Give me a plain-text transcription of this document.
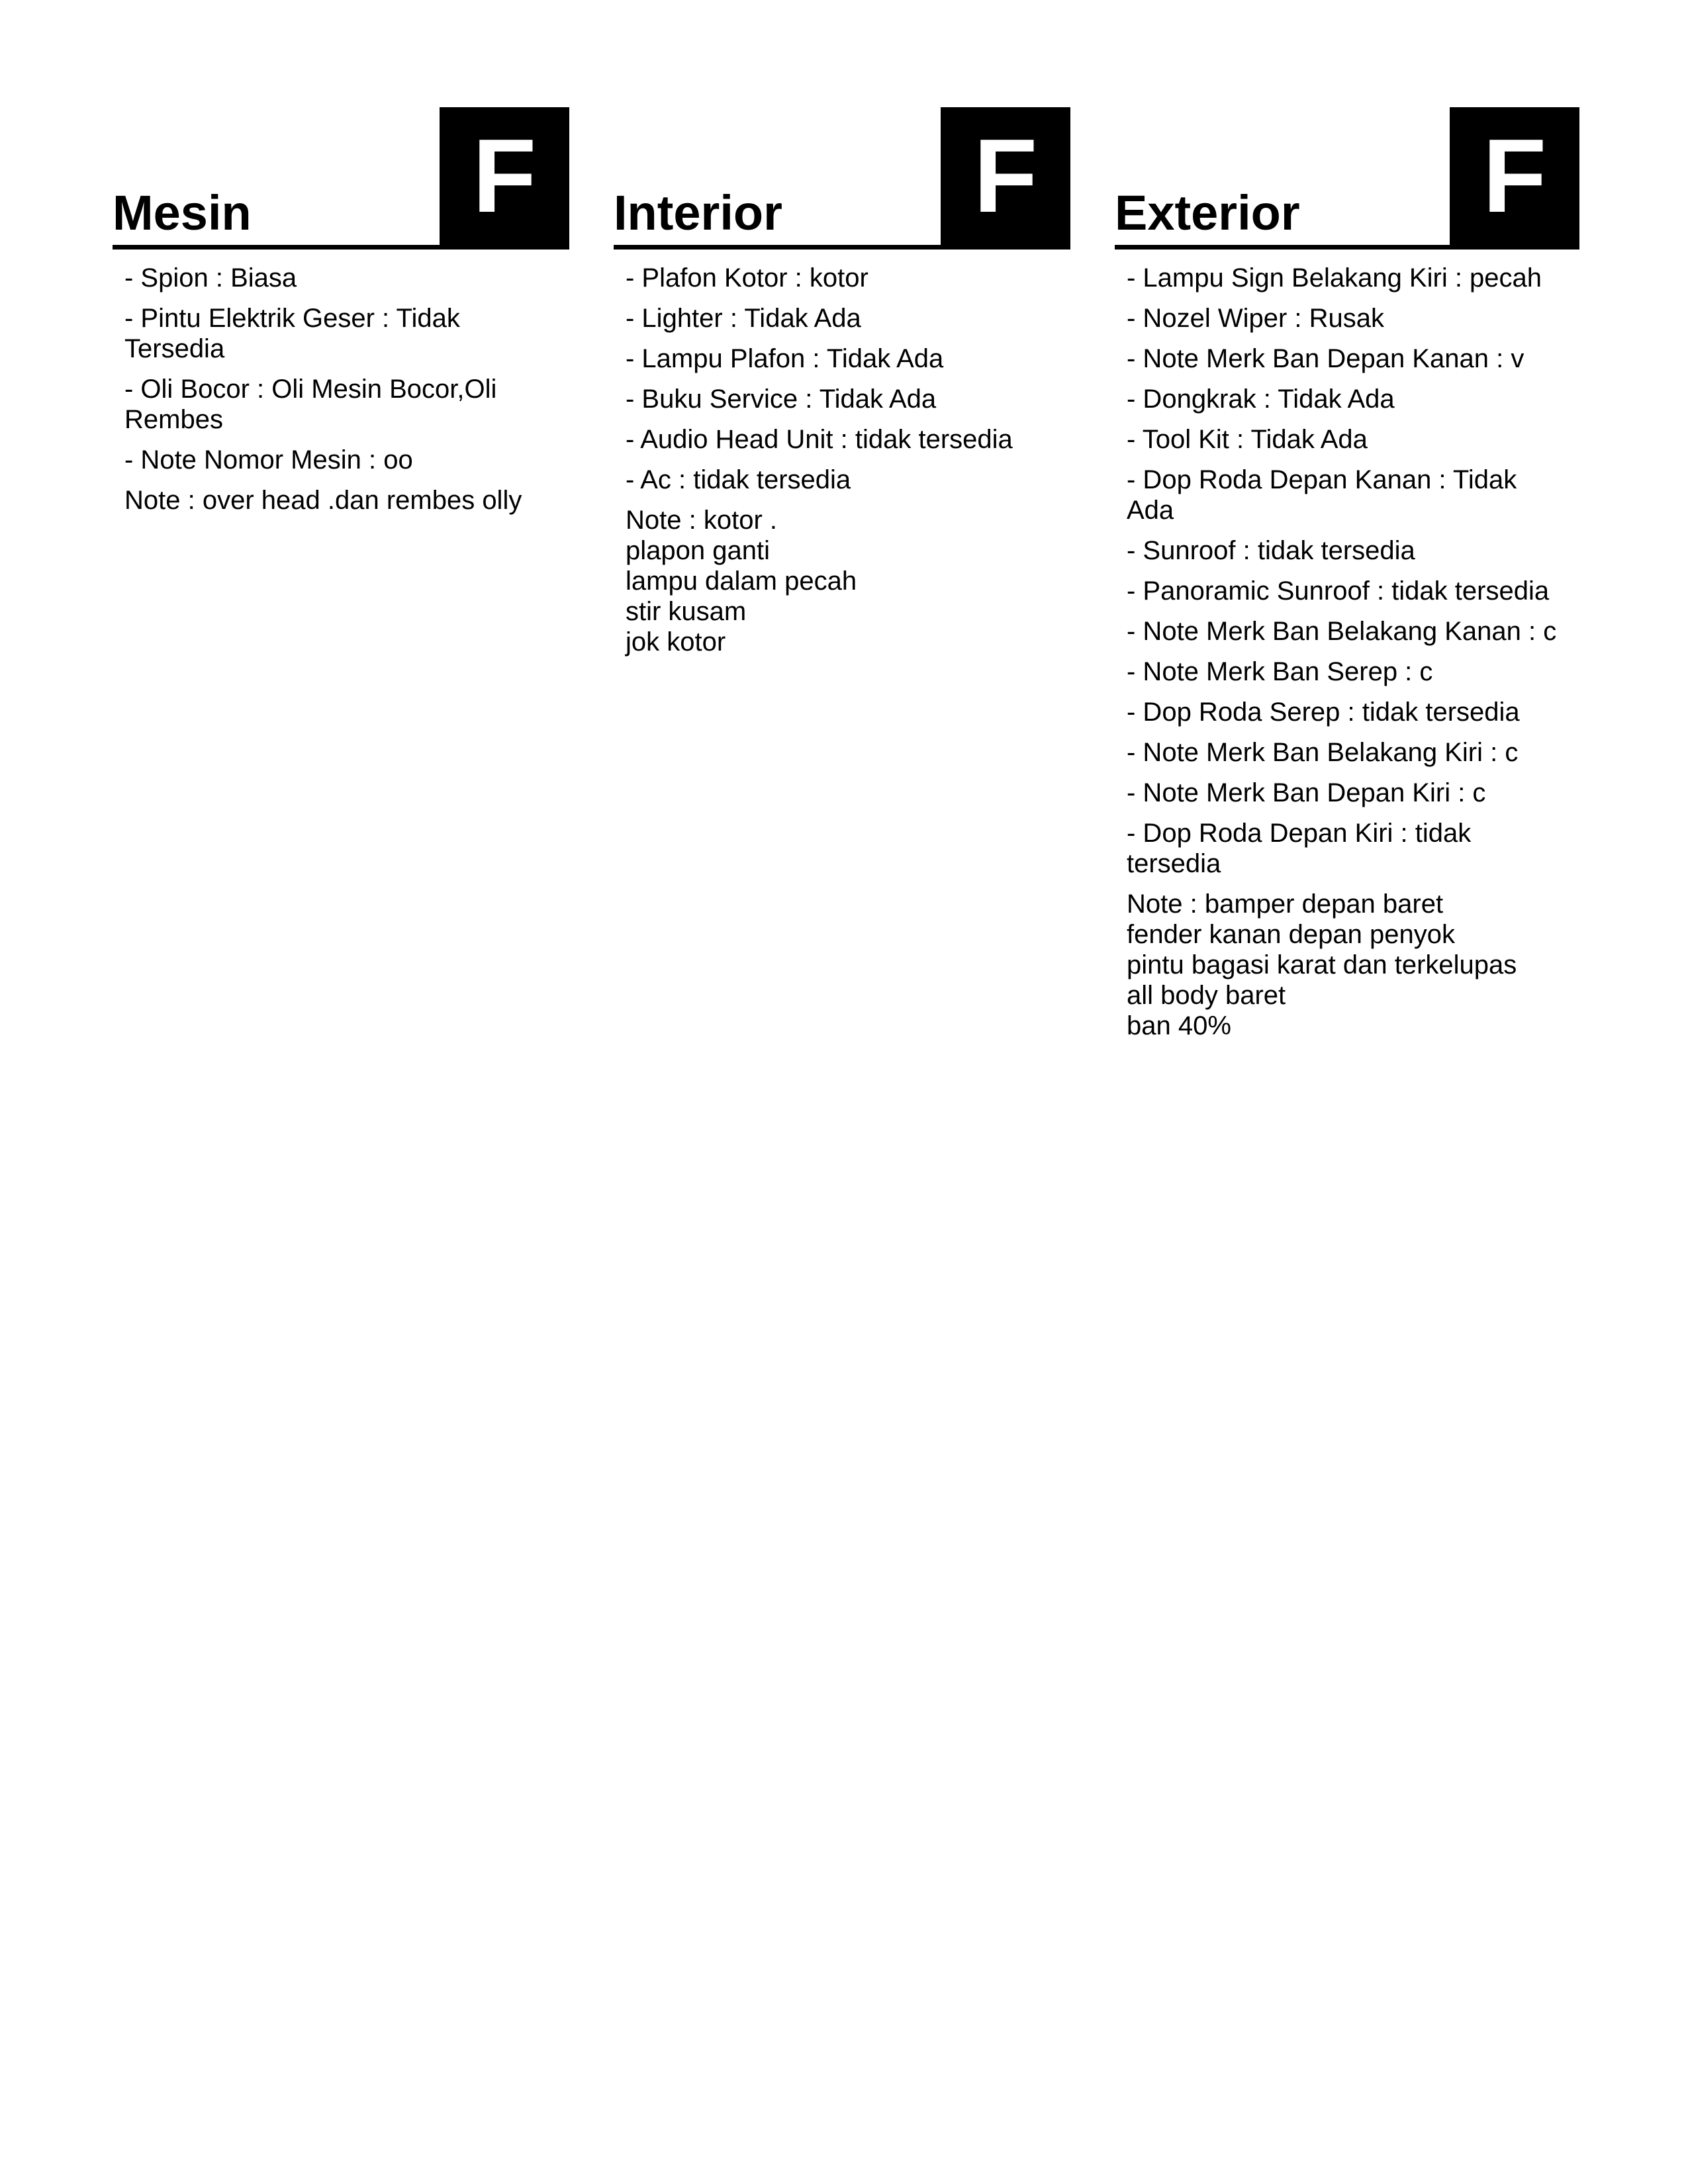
Mesin	F
- Spion : Biasa
- Pintu Elektrik Geser : Tidak Tersedia
- Oli Bocor : Oli Mesin Bocor,Oli Rembes
- Note Nomor Mesin : oo
Note : over head .dan rembes olly
Interior	F
- Plafon Kotor : kotor
- Lighter : Tidak Ada
- Lampu Plafon : Tidak Ada
- Buku Service : Tidak Ada
- Audio Head Unit : tidak tersedia
- Ac : tidak tersedia
Note : kotor .
plapon ganti
lampu dalam pecah
stir kusam
jok kotor
Exterior	F
- Lampu Sign Belakang Kiri : pecah
- Nozel Wiper : Rusak
- Note Merk Ban Depan Kanan : v
- Dongkrak : Tidak Ada
- Tool Kit : Tidak Ada
- Dop Roda Depan Kanan : Tidak Ada
- Sunroof : tidak tersedia
- Panoramic Sunroof : tidak tersedia
- Note Merk Ban Belakang Kanan : c
- Note Merk Ban Serep : c
- Dop Roda Serep : tidak tersedia
- Note Merk Ban Belakang Kiri : c
- Note Merk Ban Depan Kiri : c
- Dop Roda Depan Kiri : tidak tersedia
Note : bamper depan baret
fender kanan depan penyok
pintu bagasi karat dan terkelupas
all body baret
ban 40%
